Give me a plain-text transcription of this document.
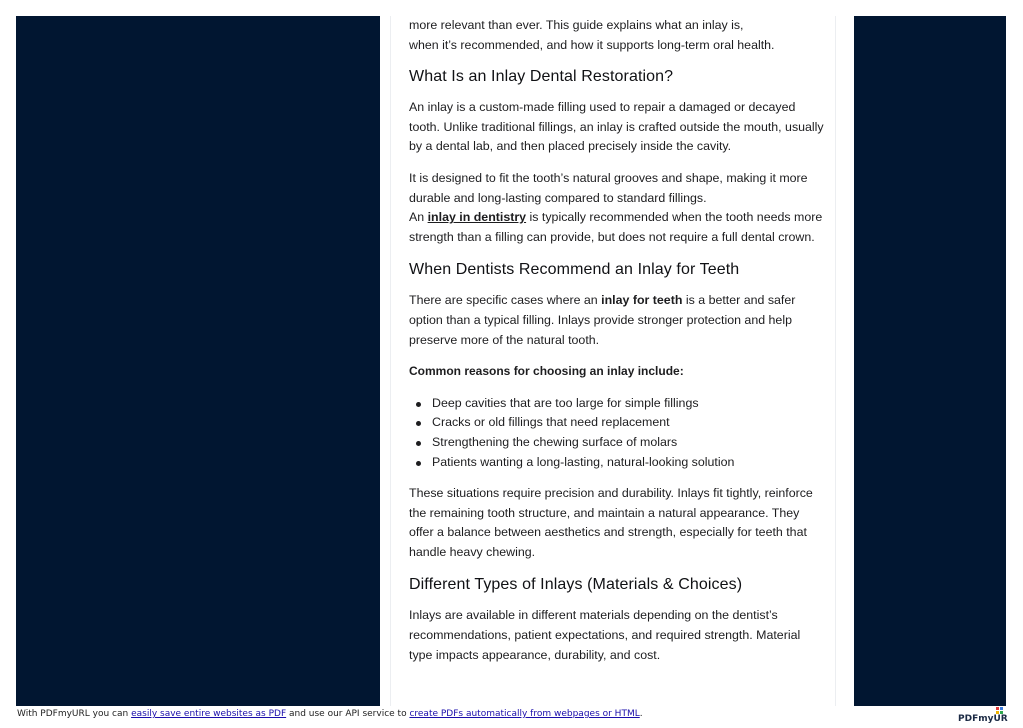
more relevant than ever. This guide explains what an inlay is,
when it’s recommended, and how it supports long-term oral health.

What Is an Inlay Dental Restoration?

An inlay is a custom-made filling used to repair a damaged or decayed tooth. Unlike traditional fillings, an inlay is crafted outside the mouth, usually by a dental lab, and then placed precisely inside the cavity.

It is designed to fit the tooth’s natural grooves and shape, making it more durable and long-lasting compared to standard fillings.
An inlay in dentistry is typically recommended when the tooth needs more strength than a filling can provide, but does not require a full dental crown.

When Dentists Recommend an Inlay for Teeth

There are specific cases where an inlay for teeth is a better and safer option than a typical filling. Inlays provide stronger protection and help preserve more of the natural tooth.

Common reasons for choosing an inlay include:

Deep cavities that are too large for simple fillings
Cracks or old fillings that need replacement
Strengthening the chewing surface of molars
Patients wanting a long-lasting, natural-looking solution

These situations require precision and durability. Inlays fit tightly, reinforce the remaining tooth structure, and maintain a natural appearance. They offer a balance between aesthetics and strength, especially for teeth that handle heavy chewing.

Different Types of Inlays (Materials & Choices)

Inlays are available in different materials depending on the dentist’s recommendations, patient expectations, and required strength. Material type impacts appearance, durability, and cost.

With PDFmyURL you can easily save entire websites as PDF and use our API service to create PDFs automatically from webpages or HTML.	PDFmyURL
